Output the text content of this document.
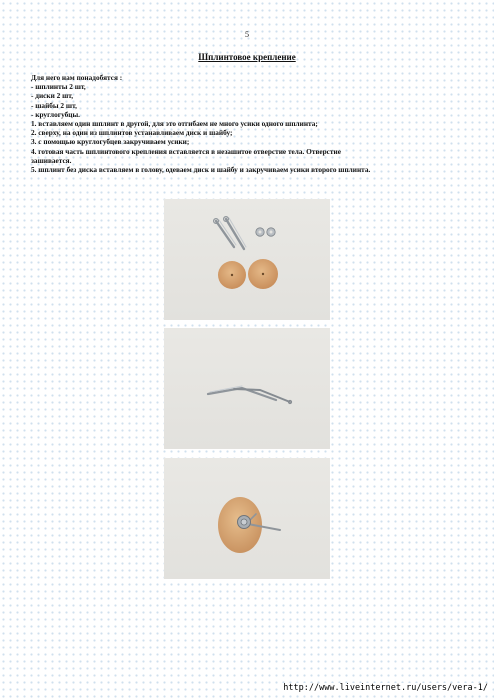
5
Шплинтовое крепление
Для него нам понадобятся :
- шплинты 2 шт,
- диски 2 шт,
- шайбы 2 шт,
- круглогубцы.
1. вставляем один шплинт в другой, для это отгибаем не много усики одного шплинта;
2. сверху, на один из шплинтов устанавливаем диск и шайбу;
3. с помощью круглогубцев закручиваем усики;
4. готовая часть шплинтового крепления вставляется в незашитое отверстие тела. Отверстие
зашивается.
5. шплинт без диска вставляем в голову, одеваем диск и шайбу и закручиваем усики второго шплинта.
http://www.liveinternet.ru/users/vera-1/
